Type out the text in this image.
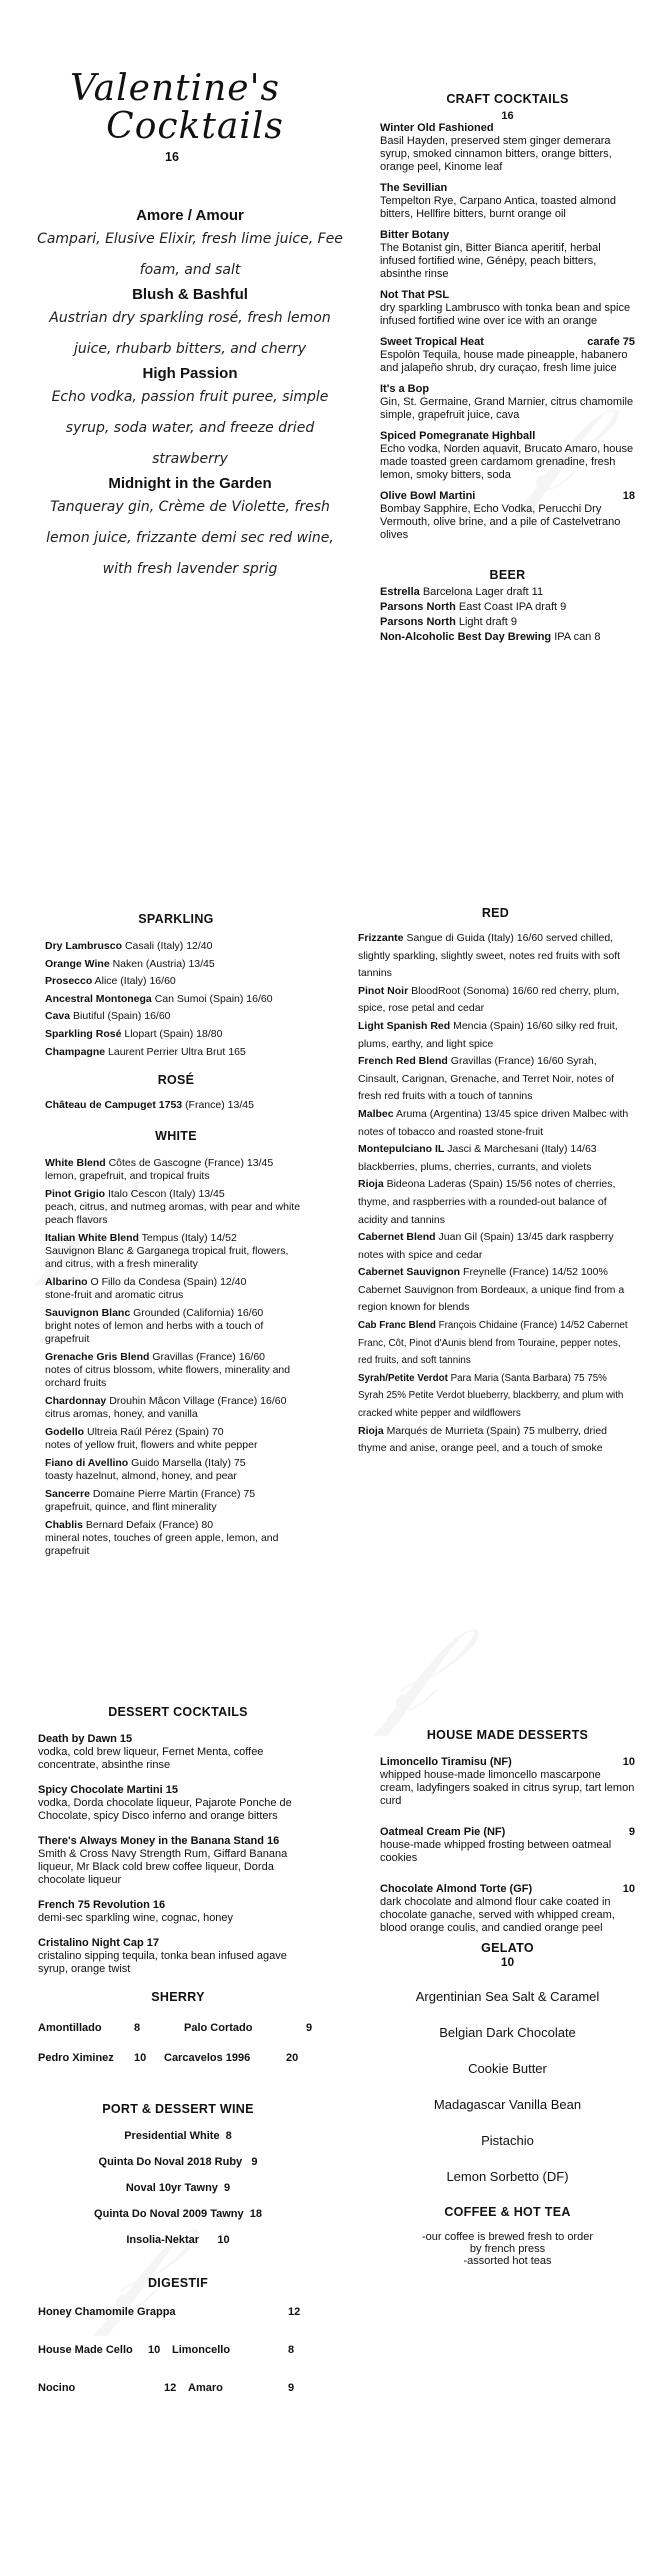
Valentine's
Cocktails
16
Amore / Amour
Campari, Elusive Elixir, fresh lime juice, Fee foam, and salt
Blush & Bashful
Austrian dry sparkling rosé, fresh lemon juice, rhubarb bitters, and cherry
High Passion
Echo vodka, passion fruit puree, simple syrup, soda water, and freeze dried strawberry
Midnight in the Garden
Tanqueray gin, Crème de Violette, fresh lemon juice, frizzante demi sec red wine, with fresh lavender sprig
CRAFT COCKTAILS
16
Winter Old Fashioned
Basil Hayden, preserved stem ginger demerara syrup, smoked cinnamon bitters, orange bitters, orange peel, Kinome leaf
The Sevillian
Tempelton Rye, Carpano Antica, toasted almond bitters, Hellfire bitters, burnt orange oil
Bitter Botany
The Botanist gin, Bitter Bianca aperitif, herbal infused fortified wine, Génépy, peach bitters, absinthe rinse
Not That PSL
dry sparkling Lambrusco with tonka bean and spice infused fortified wine over ice with an orange
Sweet Tropical Heat	carafe 75
Espolòn Tequila, house made pineapple, habanero and jalapeño shrub, dry curaçao, fresh lime juice
It's a Bop
Gin, St. Germaine, Grand Marnier, citrus chamomile simple, grapefruit juice, cava
Spiced Pomegranate Highball
Echo vodka, Norden aquavit, Brucato Amaro, house made toasted green cardamom grenadine, fresh lemon, smoky bitters, soda
Olive Bowl Martini	18
Bombay Sapphire, Echo Vodka, Perucchi Dry Vermouth, olive brine, and a pile of Castelvetrano olives
BEER
Estrella Barcelona Lager draft 11
Parsons North East Coast IPA draft 9
Parsons North Light draft 9
Non-Alcoholic Best Day Brewing IPA can 8
SPARKLING
Dry Lambrusco Casali (Italy) 12/40
Orange Wine Naken (Austria) 13/45
Prosecco Alice (Italy) 16/60
Ancestral Montonega Can Sumoi (Spain) 16/60
Cava Biutiful (Spain) 16/60
Sparkling Rosé Llopart (Spain) 18/80
Champagne Laurent Perrier Ultra Brut 165
ROSÉ
Château de Campuget 1753 (France) 13/45
WHITE
White Blend Côtes de Gascogne (France) 13/45
lemon, grapefruit, and tropical fruits
Pinot Grigio Italo Cescon (Italy) 13/45
peach, citrus, and nutmeg aromas, with pear and white peach flavors
Italian White Blend Tempus (Italy) 14/52
Sauvignon Blanc & Garganega tropical fruit, flowers, and citrus, with a fresh minerality
Albarino O Fillo da Condesa (Spain) 12/40
stone-fruit and aromatic citrus
Sauvignon Blanc Grounded (California) 16/60
bright notes of lemon and herbs with a touch of grapefruit
Grenache Gris Blend Gravillas (France) 16/60
notes of citrus blossom, white flowers, minerality and orchard fruits
Chardonnay Drouhin Mâcon Village (France) 16/60
citrus aromas, honey, and vanilla
Godello Ultreia Raúl Pérez (Spain) 70
notes of yellow fruit, flowers and white pepper
Fiano di Avellino Guido Marsella (Italy) 75
toasty hazelnut, almond, honey, and pear
Sancerre Domaine Pierre Martin (France) 75
grapefruit, quince, and flint minerality
Chablis Bernard Defaix (France) 80
mineral notes, touches of green apple, lemon, and grapefruit
RED
Frizzante Sangue di Guida (Italy) 16/60 served chilled, slightly sparkling, slightly sweet, notes red fruits with soft tannins
Pinot Noir BloodRoot (Sonoma) 16/60 red cherry, plum, spice, rose petal and cedar
Light Spanish Red Mencia (Spain) 16/60 silky red fruit, plums, earthy, and light spice
French Red Blend Gravillas (France) 16/60 Syrah, Cinsault, Carignan, Grenache, and Terret Noir, notes of fresh red fruits with a touch of tannins
Malbec Aruma (Argentina) 13/45 spice driven Malbec with notes of tobacco and roasted stone-fruit
Montepulciano IL Jasci & Marchesani (Italy) 14/63 blackberries, plums, cherries, currants, and violets
Rioja Bideona Laderas (Spain) 15/56 notes of cherries, thyme, and raspberries with a rounded-out balance of acidity and tannins
Cabernet Blend Juan Gil (Spain) 13/45 dark raspberry notes with spice and cedar
Cabernet Sauvignon Freynelle (France) 14/52 100% Cabernet Sauvignon from Bordeaux, a unique find from a region known for blends
Cab Franc Blend François Chidaine (France) 14/52 Cabernet Franc, Côt, Pinot d'Aunis blend from Touraine, pepper notes, red fruits, and soft tannins
Syrah/Petite Verdot Para Maria (Santa Barbara) 75 75% Syrah 25% Petite Verdot blueberry, blackberry, and plum with cracked white pepper and wildflowers
Rioja Marqués de Murrieta (Spain) 75 mulberry, dried thyme and anise, orange peel, and a touch of smoke
DESSERT COCKTAILS
Death by Dawn 15
vodka, cold brew liqueur, Fernet Menta, coffee concentrate, absinthe rinse
Spicy Chocolate Martini 15
vodka, Dorda chocolate liqueur, Pajarote Ponche de Chocolate, spicy Disco inferno and orange bitters
There's Always Money in the Banana Stand 16
Smith & Cross Navy Strength Rum, Giffard Banana liqueur, Mr Black cold brew coffee liqueur, Dorda chocolate liqueur
French 75 Revolution 16
demi-sec sparkling wine, cognac, honey
Cristalino Night Cap 17
cristalino sipping tequila, tonka bean infused agave syrup, orange twist
SHERRY
Amontillado	8	Palo Cortado	9
Pedro Ximinez	10	Carcavelos 1996	20
PORT & DESSERT WINE
Presidential White  8
Quinta Do Noval 2018 Ruby   9
Noval 10yr Tawny  9
Quinta Do Noval 2009 Tawny  18
Insolia-Nektar      10
DIGESTIF
Honey Chamomile Grappa	12
House Made Cello	10	Limoncello	8
Nocino	12	Amaro	9
HOUSE MADE DESSERTS
Limoncello Tiramisu (NF)	10
whipped house-made limoncello mascarpone cream, ladyfingers soaked in citrus syrup, tart lemon curd
Oatmeal Cream Pie (NF)	9
house-made whipped frosting between oatmeal cookies
Chocolate Almond Torte (GF)	10
dark chocolate and almond flour cake coated in chocolate ganache, served with whipped cream, blood orange coulis, and candied orange peel
GELATO
10
Argentinian Sea Salt & Caramel
Belgian Dark Chocolate
Cookie Butter
Madagascar Vanilla Bean
Pistachio
Lemon Sorbetto (DF)
COFFEE & HOT TEA
-our coffee is brewed fresh to order
by french press
-assorted hot teas
